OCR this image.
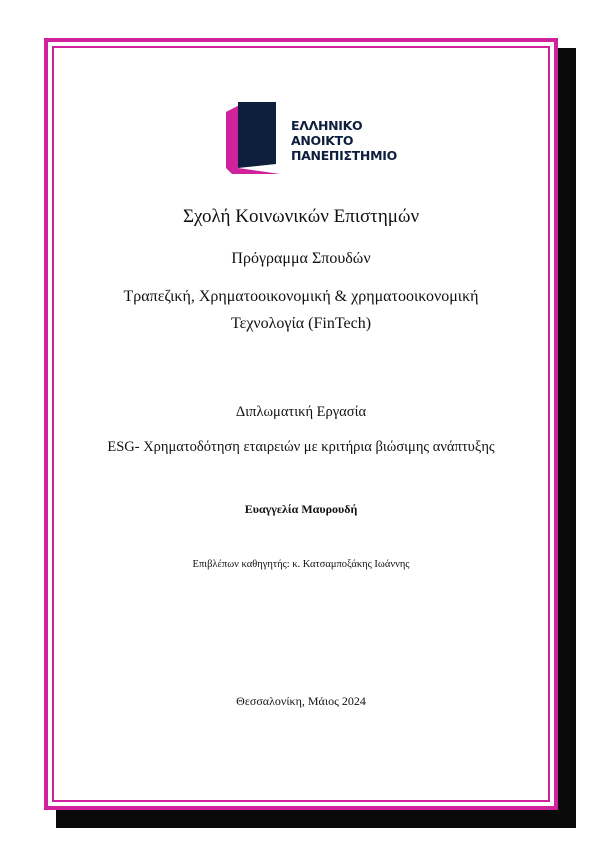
ΕΛΛΗΝΙΚΟ
ΑΝΟΙΚΤΟ
ΠΑΝΕΠΙΣΤΗΜΙΟ
Σχολή Κοινωνικών Επιστημών
Πρόγραμμα Σπουδών
Τραπεζική, Χρηματοοικονομική & χρηματοοικονομική
Τεχνολογία (FinTech)
Διπλωματική Εργασία
ESG- Χρηματοδότηση εταιρειών με κριτήρια βιώσιμης ανάπτυξης
Ευαγγελία Μαυρουδή
Επιβλέπων καθηγητής: κ. Κατσαμποξάκης Ιωάννης
Θεσσαλονίκη, Μάιος 2024
